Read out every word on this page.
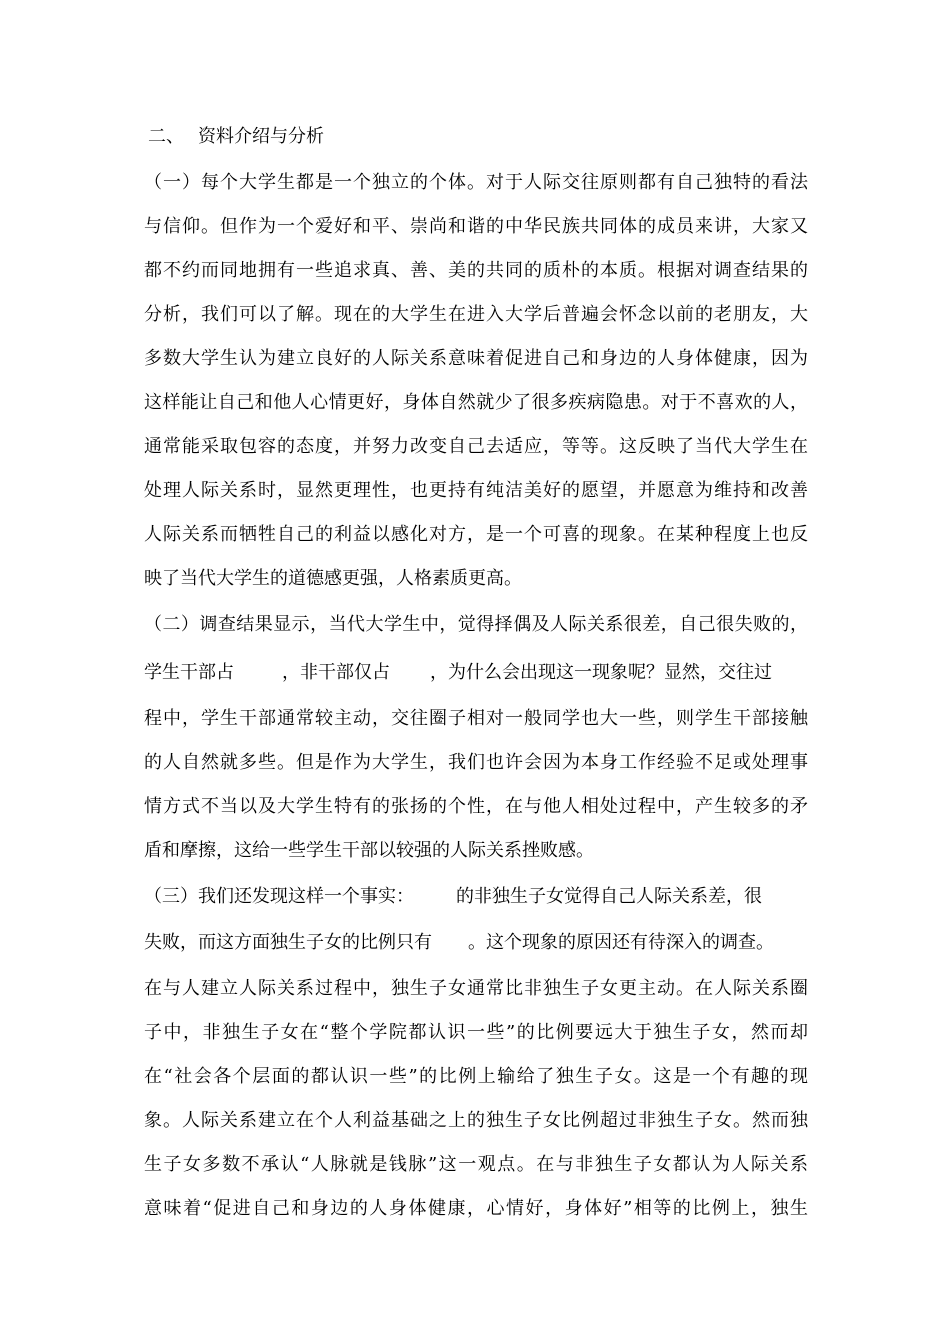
二、 资料介绍与分析
（一）每个大学生都是一个独立的个体。对于人际交往原则都有自己独特的看法
与信仰。但作为一个爱好和平、崇尚和谐的中华民族共同体的成员来讲，大家又
都不约而同地拥有一些追求真、善、美的共同的质朴的本质。根据对调查结果的
分析，我们可以了解。现在的大学生在进入大学后普遍会怀念以前的老朋友，大
多数大学生认为建立良好的人际关系意味着促进自己和身边的人身体健康，因为
这样能让自己和他人心情更好，身体自然就少了很多疾病隐患。对于不喜欢的人，
通常能采取包容的态度，并努力改变自己去适应，等等。这反映了当代大学生在
处理人际关系时，显然更理性，也更持有纯洁美好的愿望，并愿意为维持和改善
人际关系而牺牲自己的利益以感化对方，是一个可喜的现象。在某种程度上也反
映了当代大学生的道德感更强，人格素质更高。
（二）调查结果显示，当代大学生中，觉得择偶及人际关系很差，自己很失败的，
学生干部占	，非干部仅占 ，为什么会出现这一现象呢？显然，交往过
程中，学生干部通常较主动，交往圈子相对一般同学也大一些，则学生干部接触
的人自然就多些。但是作为大学生，我们也许会因为本身工作经验不足或处理事
情方式不当以及大学生特有的张扬的个性，在与他人相处过程中，产生较多的矛
盾和摩擦，这给一些学生干部以较强的人际关系挫败感。
（三）我们还发现这样一个事实： 的非独生子女觉得自己人际关系差，很
失败，而这方面独生子女的比例只有 。这个现象的原因还有待深入的调查。
在与人建立人际关系过程中，独生子女通常比非独生子女更主动。在人际关系圈
子中，非独生子女在“整个学院都认识一些”的比例要远大于独生子女，然而却
在“社会各个层面的都认识一些”的比例上输给了独生子女。这是一个有趣的现
象。人际关系建立在个人利益基础之上的独生子女比例超过非独生子女。然而独
生子女多数不承认“人脉就是钱脉”这一观点。在与非独生子女都认为人际关系
意味着“促进自己和身边的人身体健康，心情好，身体好”相等的比例上，独生
